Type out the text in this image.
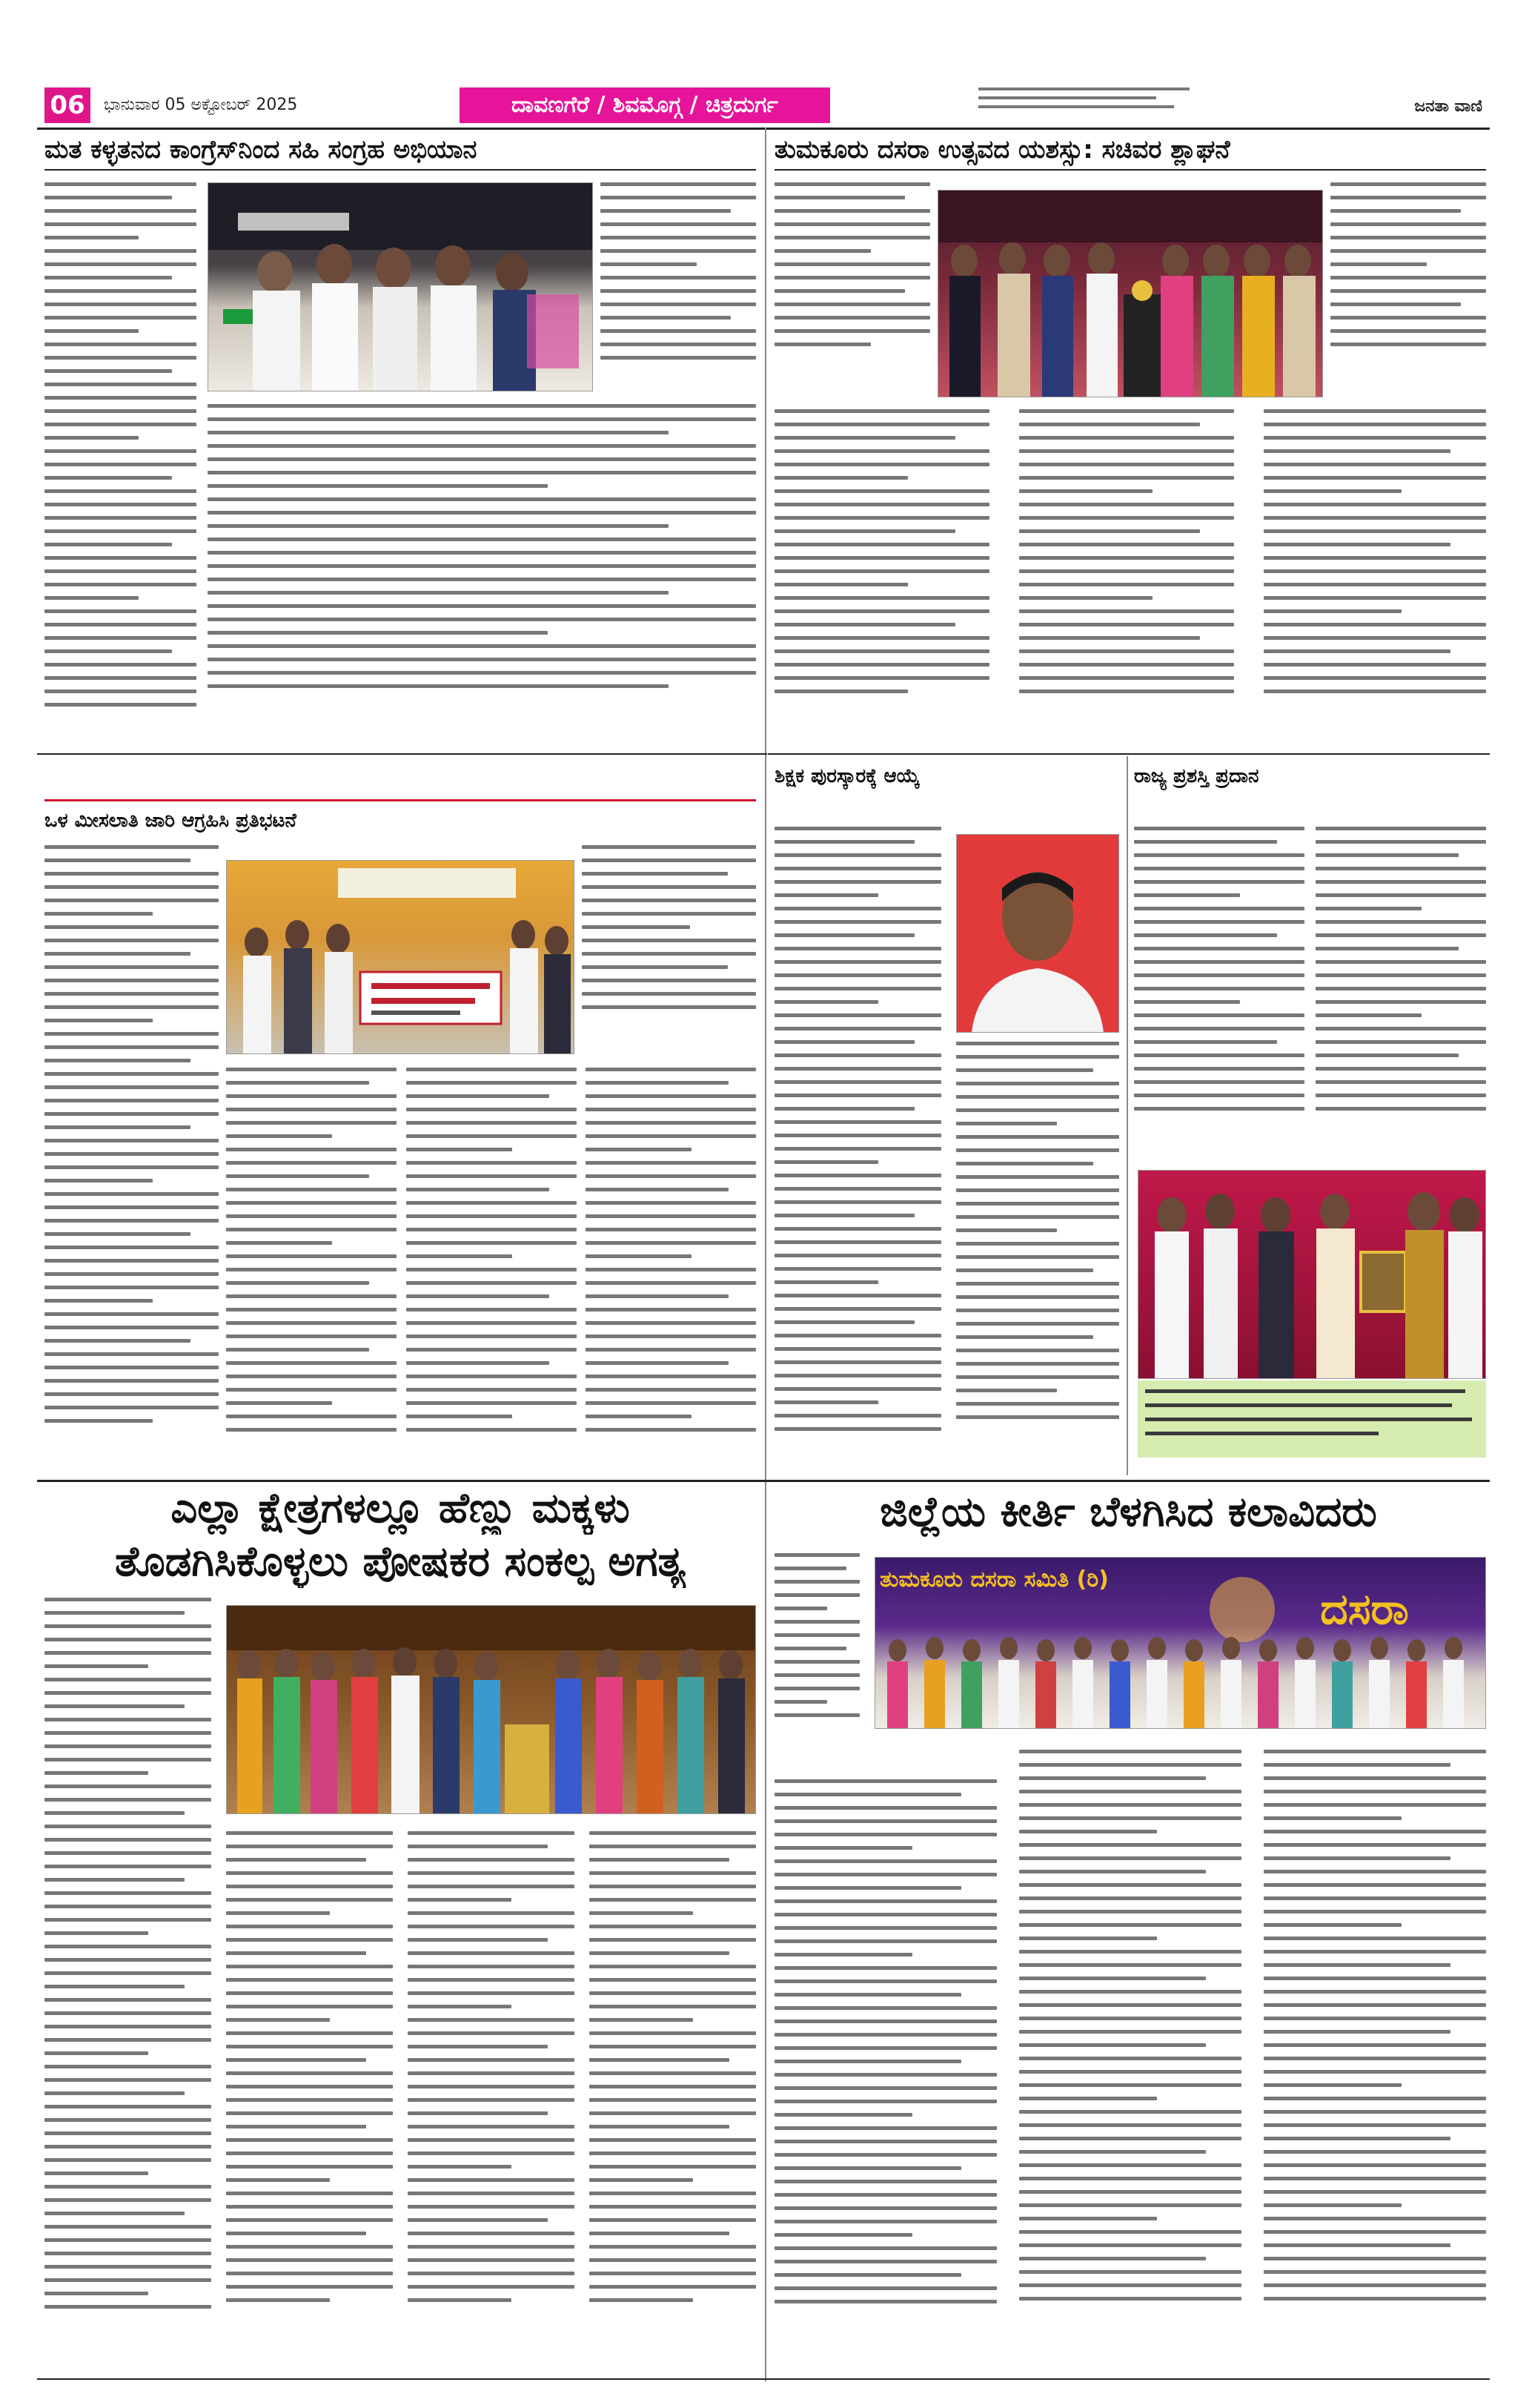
06	ಭಾನುವಾರ 05 ಅಕ್ಟೋಬರ್ 2025	ದಾವಣಗೆರೆ / ಶಿವಮೊಗ್ಗ / ಚಿತ್ರದುರ್ಗ	ಜನತಾ ವಾಣಿ
ಮತ ಕಳ್ಳತನದ ಕಾಂಗ್ರೆಸ್‌ನಿಂದ ಸಹಿ ಸಂಗ್ರಹ ಅಭಿಯಾನ	ತುಮಕೂರು ದಸರಾ ಉತ್ಸವದ ಯಶಸ್ಸು: ಸಚಿವರ ಶ್ಲಾಘನೆ
ಒಳ ಮೀಸಲಾತಿ ಜಾರಿ ಆಗ್ರಹಿಸಿ ಪ್ರತಿಭಟನೆ
ಶಿಕ್ಷಕ ಪುರಸ್ಕಾರಕ್ಕೆ ಆಯ್ಕೆ	ರಾಜ್ಯ ಪ್ರಶಸ್ತಿ ಪ್ರದಾನ
ಎಲ್ಲಾ ಕ್ಷೇತ್ರಗಳಲ್ಲೂ ಹೆಣ್ಣು ಮಕ್ಕಳು
ತೊಡಗಿಸಿಕೊಳ್ಳಲು ಪೋಷಕರ ಸಂಕಲ್ಪ ಅಗತ್ಯ
ಜಿಲ್ಲೆಯ ಕೀರ್ತಿ ಬೆಳಗಿಸಿದ ಕಲಾವಿದರು
ತುಮಕೂರು ದಸರಾ ಸಮಿತಿ (ರಿ)
ದಸರಾ
